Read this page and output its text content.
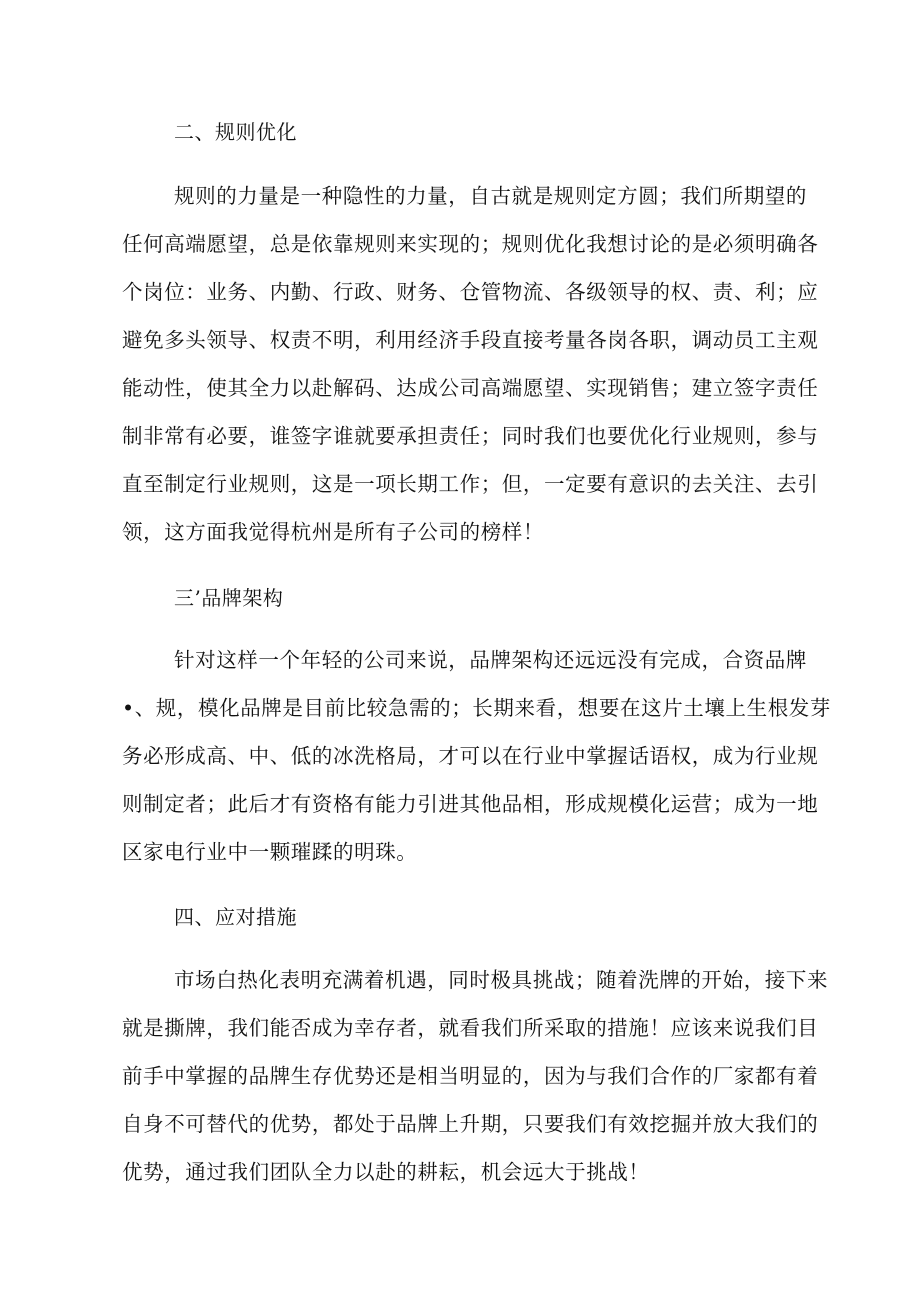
二、规则优化
规则的力量是一种隐性的力量，自古就是规则定方圆；我们所期望的
任何高端愿望，总是依靠规则来实现的；规则优化我想讨论的是必须明确各
个岗位：业务、内勤、行政、财务、仓管物流、各级领导的权、责、利；应
避免多头领导、权责不明，利用经济手段直接考量各岗各职，调动员工主观
能动性，使其全力以赴解码、达成公司高端愿望、实现销售；建立签字责任
制非常有必要，谁签字谁就要承担责任；同时我们也要优化行业规则，参与
直至制定行业规则，这是一项长期工作；但，一定要有意识的去关注、去引
领，这方面我觉得杭州是所有子公司的榜样！
三’品牌架构
针对这样一个年轻的公司来说，品牌架构还远远没有完成，合资品牌
•、规，模化品牌是目前比较急需的；长期来看，想要在这片土壤上生根发芽
务必形成高、中、低的冰洗格局，才可以在行业中掌握话语权，成为行业规
则制定者；此后才有资格有能力引进其他品相，形成规模化运营；成为一地
区家电行业中一颗璀蹂的明珠。
四、应对措施
市场白热化表明充满着机遇，同时极具挑战；随着洗牌的开始，接下来
就是撕牌，我们能否成为幸存者，就看我们所采取的措施！应该来说我们目
前手中掌握的品牌生存优势还是相当明显的，因为与我们合作的厂家都有着
自身不可替代的优势，都处于品牌上升期，只要我们有效挖掘并放大我们的
优势，通过我们团队全力以赴的耕耘，机会远大于挑战！
